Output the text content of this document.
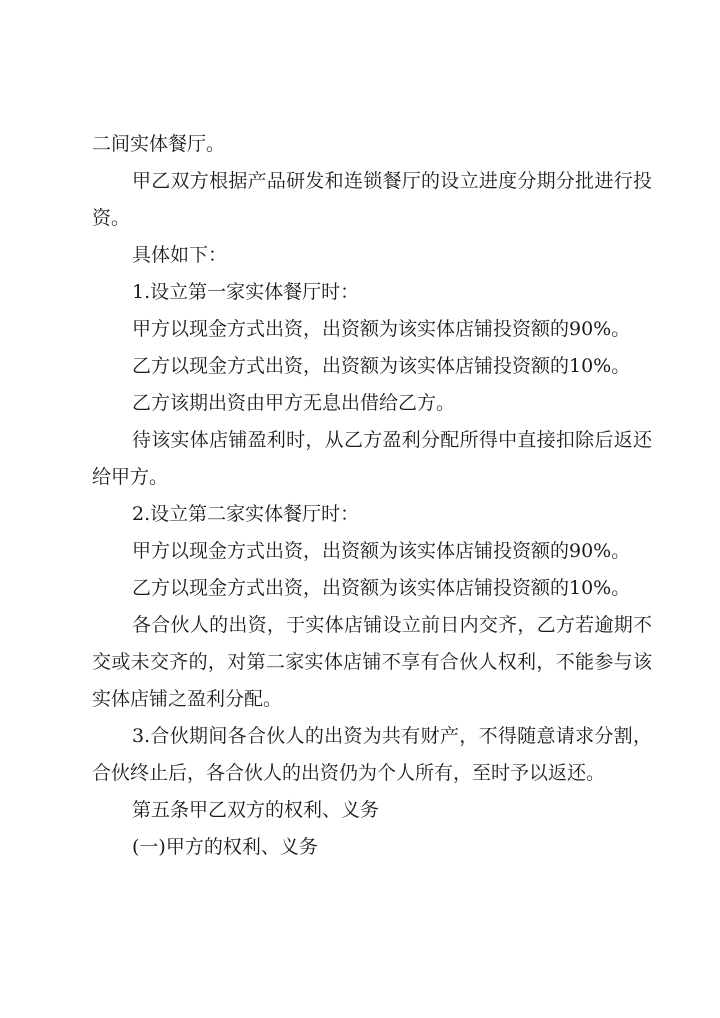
二间实体餐厅。

甲乙双方根据产品研发和连锁餐厅的设立进度分期分批进行投资。

具体如下：

1.设立第一家实体餐厅时：

甲方以现金方式出资，出资额为该实体店铺投资额的90%。

乙方以现金方式出资，出资额为该实体店铺投资额的10%。

乙方该期出资由甲方无息出借给乙方。

待该实体店铺盈利时，从乙方盈利分配所得中直接扣除后返还给甲方。

2.设立第二家实体餐厅时：

甲方以现金方式出资，出资额为该实体店铺投资额的90%。

乙方以现金方式出资，出资额为该实体店铺投资额的10%。

各合伙人的出资，于实体店铺设立前日内交齐，乙方若逾期不交或未交齐的，对第二家实体店铺不享有合伙人权利，不能参与该实体店铺之盈利分配。

3.合伙期间各合伙人的出资为共有财产，不得随意请求分割，合伙终止后，各合伙人的出资仍为个人所有，至时予以返还。

第五条甲乙双方的权利、义务

(一)甲方的权利、义务
